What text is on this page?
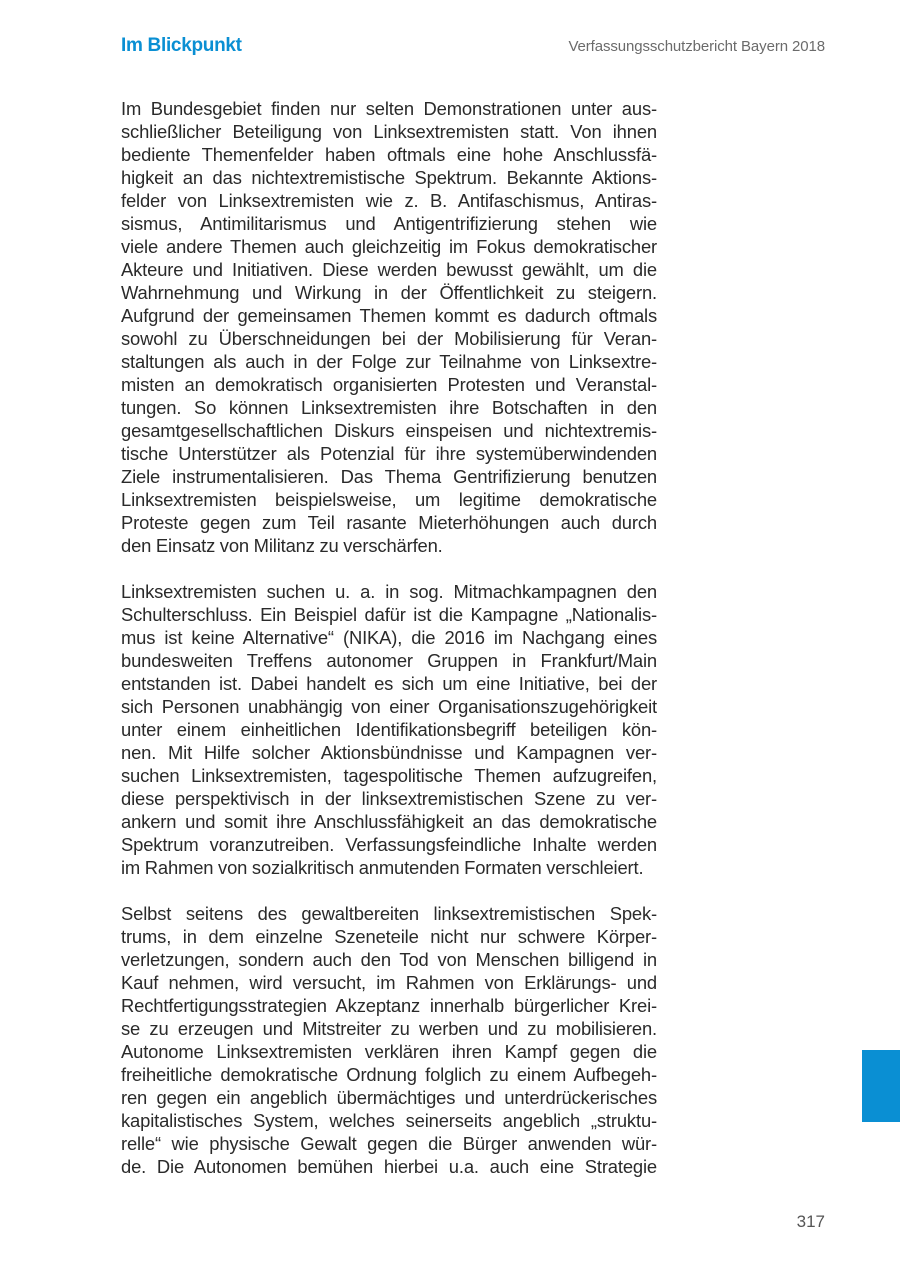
Im Blickpunkt	Verfassungsschutzbericht Bayern 2018

Im Bundesgebiet finden nur selten Demonstrationen unter aus-
schließlicher Beteiligung von Linksextremisten statt. Von ihnen
bediente Themenfelder haben oftmals eine hohe Anschlussfä-
higkeit an das nichtextremistische Spektrum. Bekannte Aktions-
felder von Linksextremisten wie z. B. Antifaschismus, Antiras-
sismus, Antimilitarismus und Antigentrifizierung stehen wie
viele andere Themen auch gleichzeitig im Fokus demokratischer
Akteure und Initiativen. Diese werden bewusst gewählt, um die
Wahrnehmung und Wirkung in der Öffentlichkeit zu steigern.
Aufgrund der gemeinsamen Themen kommt es dadurch oftmals
sowohl zu Überschneidungen bei der Mobilisierung für Veran-
staltungen als auch in der Folge zur Teilnahme von Linksextre-
misten an demokratisch organisierten Protesten und Veranstal-
tungen. So können Linksextremisten ihre Botschaften in den
gesamtgesellschaftlichen Diskurs einspeisen und nichtextremis-
tische Unterstützer als Potenzial für ihre systemüberwindenden
Ziele instrumentalisieren. Das Thema Gentrifizierung benutzen
Linksextremisten beispielsweise, um legitime demokratische
Proteste gegen zum Teil rasante Mieterhöhungen auch durch
den Einsatz von Militanz zu verschärfen.

Linksextremisten suchen u. a. in sog. Mitmachkampagnen den
Schulterschluss. Ein Beispiel dafür ist die Kampagne „Nationalis-
mus ist keine Alternative“ (NIKA), die 2016 im Nachgang eines
bundesweiten Treffens autonomer Gruppen in Frankfurt/Main
entstanden ist. Dabei handelt es sich um eine Initiative, bei der
sich Personen unabhängig von einer Organisationszugehörigkeit
unter einem einheitlichen Identifikationsbegriff beteiligen kön-
nen. Mit Hilfe solcher Aktionsbündnisse und Kampagnen ver-
suchen Linksextremisten, tagespolitische Themen aufzugreifen,
diese perspektivisch in der linksextremistischen Szene zu ver-
ankern und somit ihre Anschlussfähigkeit an das demokratische
Spektrum voranzutreiben. Verfassungsfeindliche Inhalte werden
im Rahmen von sozialkritisch anmutenden Formaten verschleiert.

Selbst seitens des gewaltbereiten linksextremistischen Spek-
trums, in dem einzelne Szeneteile nicht nur schwere Körper-
verletzungen, sondern auch den Tod von Menschen billigend in
Kauf nehmen, wird versucht, im Rahmen von Erklärungs- und
Rechtfertigungsstrategien Akzeptanz innerhalb bürgerlicher Krei-
se zu erzeugen und Mitstreiter zu werben und zu mobilisieren.
Autonome Linksextremisten verklären ihren Kampf gegen die
freiheitliche demokratische Ordnung folglich zu einem Aufbegeh-
ren gegen ein angeblich übermächtiges und unterdrückerisches
kapitalistisches System, welches seinerseits angeblich „struktu-
relle“ wie physische Gewalt gegen die Bürger anwenden wür-
de. Die Autonomen bemühen hierbei u.a. auch eine Strategie

317
